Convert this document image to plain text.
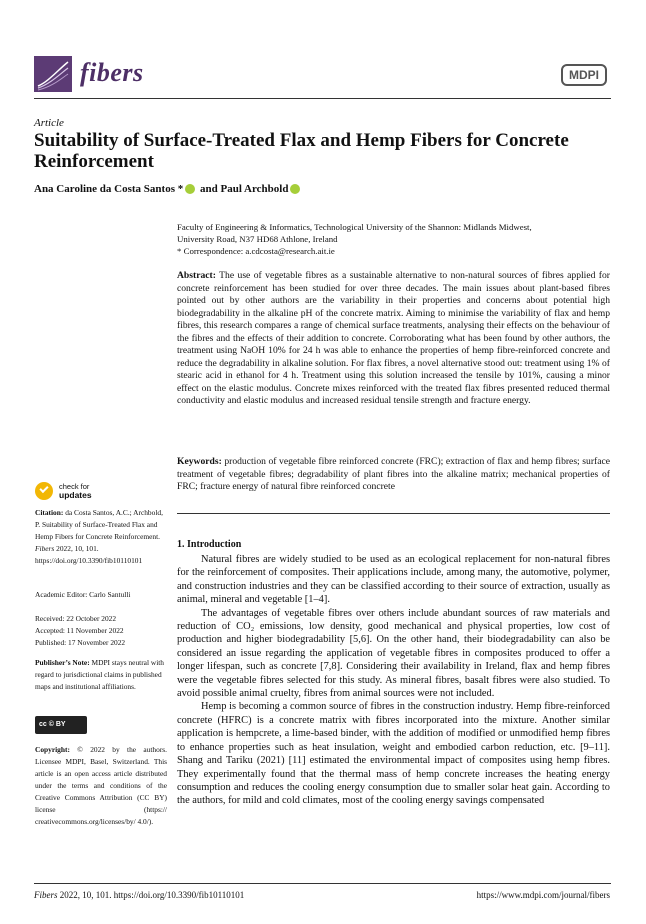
fibers	MDPI
Article
Suitability of Surface-Treated Flax and Hemp Fibers for Concrete Reinforcement
Ana Caroline da Costa Santos * and Paul Archbold
Faculty of Engineering & Informatics, Technological University of the Shannon: Midlands Midwest,
University Road, N37 HD68 Athlone, Ireland
* Correspondence: a.cdcosta@research.ait.ie
Abstract: The use of vegetable fibres as a sustainable alternative to non-natural sources of fibres applied for concrete reinforcement has been studied for over three decades. The main issues about plant-based fibres pointed out by other authors are the variability in their properties and concerns about potential high biodegradability in the alkaline pH of the concrete matrix. Aiming to minimise the variability of flax and hemp fibres, this research compares a range of chemical surface treatments, analysing their effects on the behaviour of the fibres and the effects of their addition to concrete. Corroborating what has been found by other authors, the treatment using NaOH 10% for 24 h was able to enhance the properties of hemp fibre-reinforced concrete and reduce the degradability in alkaline solution. For flax fibres, a novel alternative stood out: treatment using 1% of stearic acid in ethanol for 4 h. Treatment using this solution increased the tensile by 101%, causing a minor effect on the elastic modulus. Concrete mixes reinforced with the treated flax fibres presented reduced thermal conductivity and elastic modulus and increased residual tensile strength and fracture energy.
Keywords: production of vegetable fibre reinforced concrete (FRC); extraction of flax and hemp fibres; surface treatment of vegetable fibres; degradability of plant fibres into the alkaline matrix; mechanical properties of FRC; fracture energy of natural fibre reinforced concrete
check for
updates
Citation: da Costa Santos, A.C.; Archbold, P. Suitability of Surface-Treated Flax and Hemp Fibers for Concrete Reinforcement. Fibers 2022, 10, 101. https://doi.org/10.3390/fib10110101
Academic Editor: Carlo Santulli
Received: 22 October 2022
Accepted: 11 November 2022
Published: 17 November 2022
Publisher’s Note: MDPI stays neutral with regard to jurisdictional claims in published maps and institutional affiliations.
cc © BY
Copyright: © 2022 by the authors. Licensee MDPI, Basel, Switzerland. This article is an open access article distributed under the terms and conditions of the Creative Commons Attribution (CC BY) license (https:// creativecommons.org/licenses/by/ 4.0/).
1. Introduction

Natural fibres are widely studied to be used as an ecological replacement for non-natural fibres for the reinforcement of composites. Their applications include, among many, the automotive, polymer, and construction industries and they can be classified according to their source of extraction, usually as animal, mineral and vegetable [1–4].

The advantages of vegetable fibres over others include abundant sources of raw materials and reduction of CO₂ emissions, low density, good mechanical and physical properties, low cost of production and higher biodegradability [5,6]. On the other hand, their biodegradability can also be considered an issue regarding the application of vegetable fibres in composites produced to offer a longer lifespan, such as concrete [7,8]. Considering their availability in Ireland, flax and hemp fibres were the vegetable fibres selected for this study. As mineral fibres, basalt fibres were also studied. To avoid possible animal cruelty, fibres from animal sources were not included.

Hemp is becoming a common source of fibres in the construction industry. Hemp fibre-reinforced concrete (HFRC) is a concrete matrix with fibres incorporated into the mixture. Another similar application is hempcrete, a lime-based binder, with the addition of modified or unmodified hemp fibres to enhance properties such as heat insulation, weight and embodied carbon reduction, etc. [9–11]. Shang and Tariku (2021) [11] estimated the environmental impact of composites using hemp fibres. They experimentally found that the thermal mass of hemp concrete increases the heating energy consumption and reduces the cooling energy consumption due to smaller solar heat gain. According to the authors, for mild and cold climates, most of the cooling energy savings compensated

Fibers 2022, 10, 101. https://doi.org/10.3390/fib10110101	https://www.mdpi.com/journal/fibers
